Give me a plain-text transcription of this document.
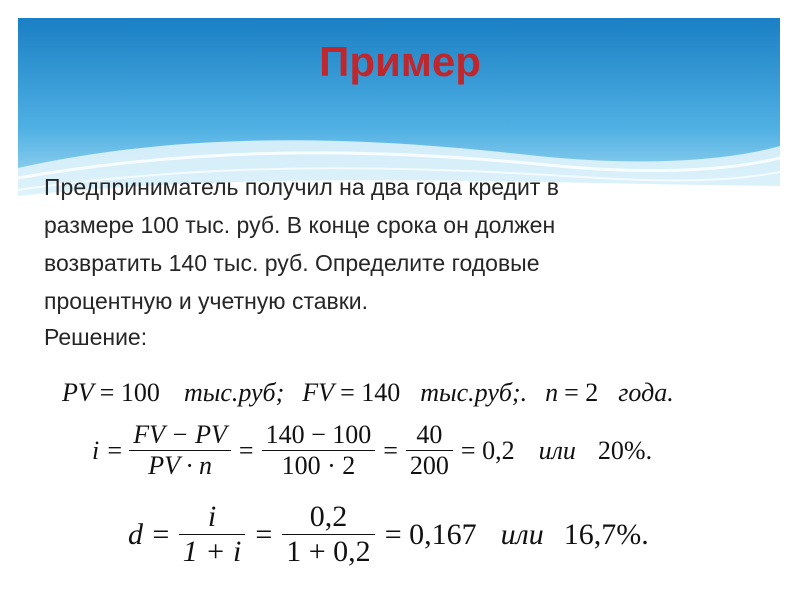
Пример

Предприниматель получил на два года кредит в

размере 100 тыс. руб. В конце срока он должен

возвратить 140 тыс. руб. Определите годовые

процентную и учетную ставки.

Решение:
PV = 100 тыс.руб; FV = 140 тыс.руб;. n = 2 года.
$i = \frac{FV - PV}{PV \cdot n} = \frac{140 - 100}{100 \cdot 2} = \frac{40}{200} = 0,2$ или 20%.
$d = \frac{i}{1 + i} = \frac{0,2}{1 + 0,2} = 0,167$ или 16,7%.
